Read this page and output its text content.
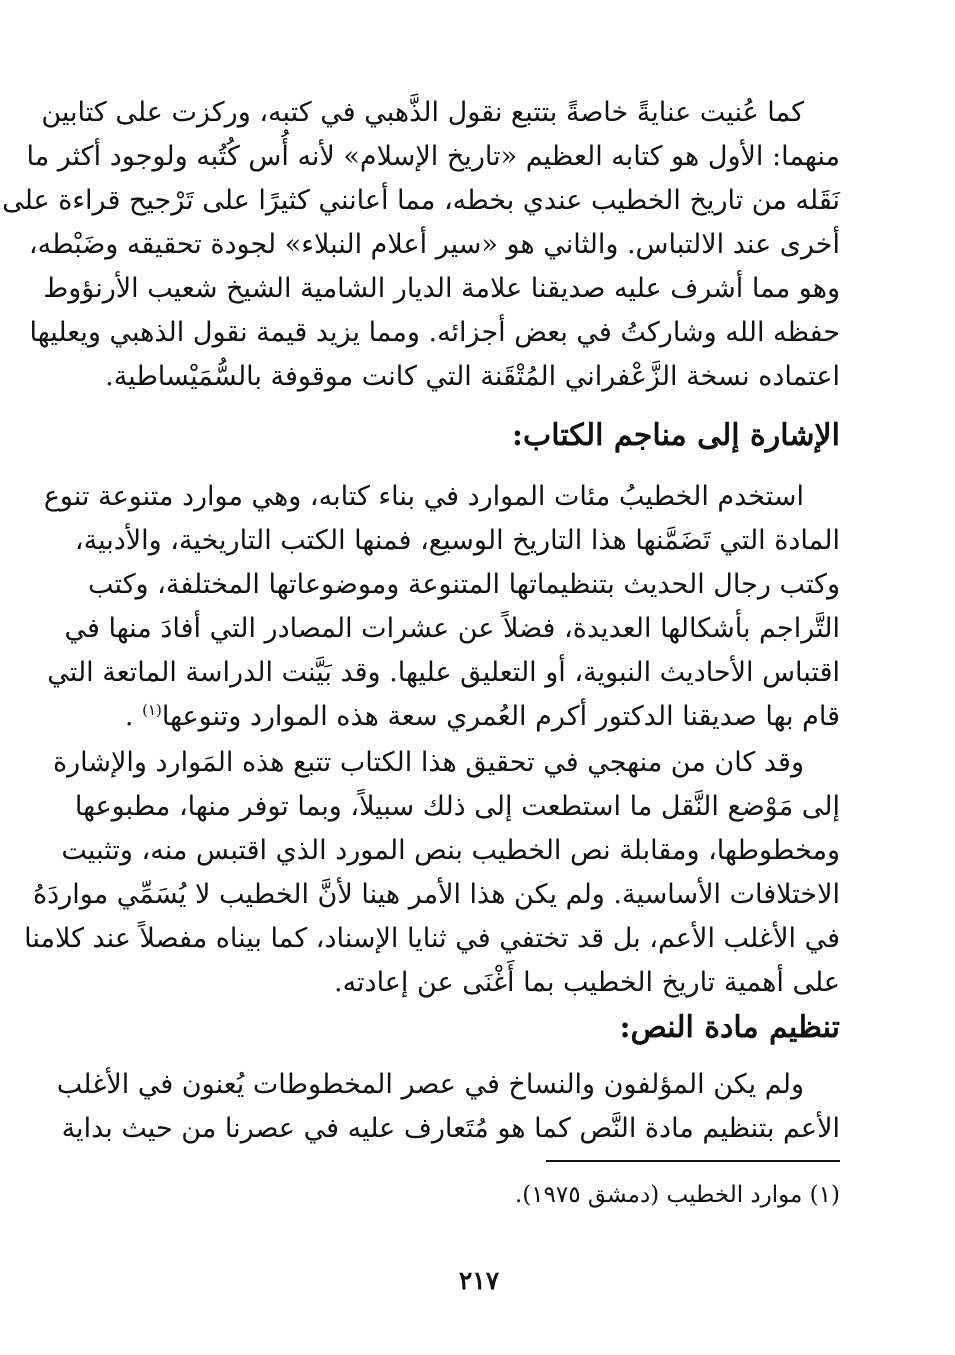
كما عُنيت عنايةً خاصةً بتتبع نقول الذَّهبي في كتبه، وركزت على كتابين
منهما: الأول هو كتابه العظيم «تاريخ الإسلام» لأنه أُس كُتُبه ولوجود أكثر ما
نَقَله من تاريخ الخطيب عندي بخطه، مما أعانني كثيرًا على تَرْجيح قراءة على
أخرى عند الالتباس. والثاني هو «سير أعلام النبلاء» لجودة تحقيقه وضَبْطه،
وهو مما أشرف عليه صديقنا علامة الديار الشامية الشيخ شعيب الأرنؤوط
حفظه الله وشاركتُ في بعض أجزائه. ومما يزيد قيمة نقول الذهبي ويعليها
اعتماده نسخة الزَّعْفراني المُتْقَنة التي كانت موقوفة بالسُّمَيْساطية.
الإشارة إلى مناجم الكتاب:
استخدم الخطيبُ مئات الموارد في بناء كتابه، وهي موارد متنوعة تنوع
المادة التي تَضَمَّنها هذا التاريخ الوسيع، فمنها الكتب التاريخية، والأدبية،
وكتب رجال الحديث بتنظيماتها المتنوعة وموضوعاتها المختلفة، وكتب
التَّراجم بأشكالها العديدة، فضلاً عن عشرات المصادر التي أفادَ منها في
اقتباس الأحاديث النبوية، أو التعليق عليها. وقد بَيَّنت الدراسة الماتعة التي
قام بها صديقنا الدكتور أكرم العُمري سعة هذه الموارد وتنوعها$^{(١)}$ .
وقد كان من منهجي في تحقيق هذا الكتاب تتبع هذه المَوارد والإشارة
إلى مَوْضع النَّقل ما استطعت إلى ذلك سبيلاً، وبما توفر منها، مطبوعها
ومخطوطها، ومقابلة نص الخطيب بنص المورد الذي اقتبس منه، وتثبيت
الاختلافات الأساسية. ولم يكن هذا الأمر هينا لأنَّ الخطيب لا يُسَمِّي مواردَهُ
في الأغلب الأعم، بل قد تختفي في ثنايا الإسناد، كما بيناه مفصلاً عند كلامنا
على أهمية تاريخ الخطيب بما أَغْنَى عن إعادته.
تنظيم مادة النص:
ولم يكن المؤلفون والنساخ في عصر المخطوطات يُعنون في الأغلب
الأعم بتنظيم مادة النَّص كما هو مُتَعارف عليه في عصرنا من حيث بداية
(١) موارد الخطيب (دمشق ١٩٧٥).
٢١٧
